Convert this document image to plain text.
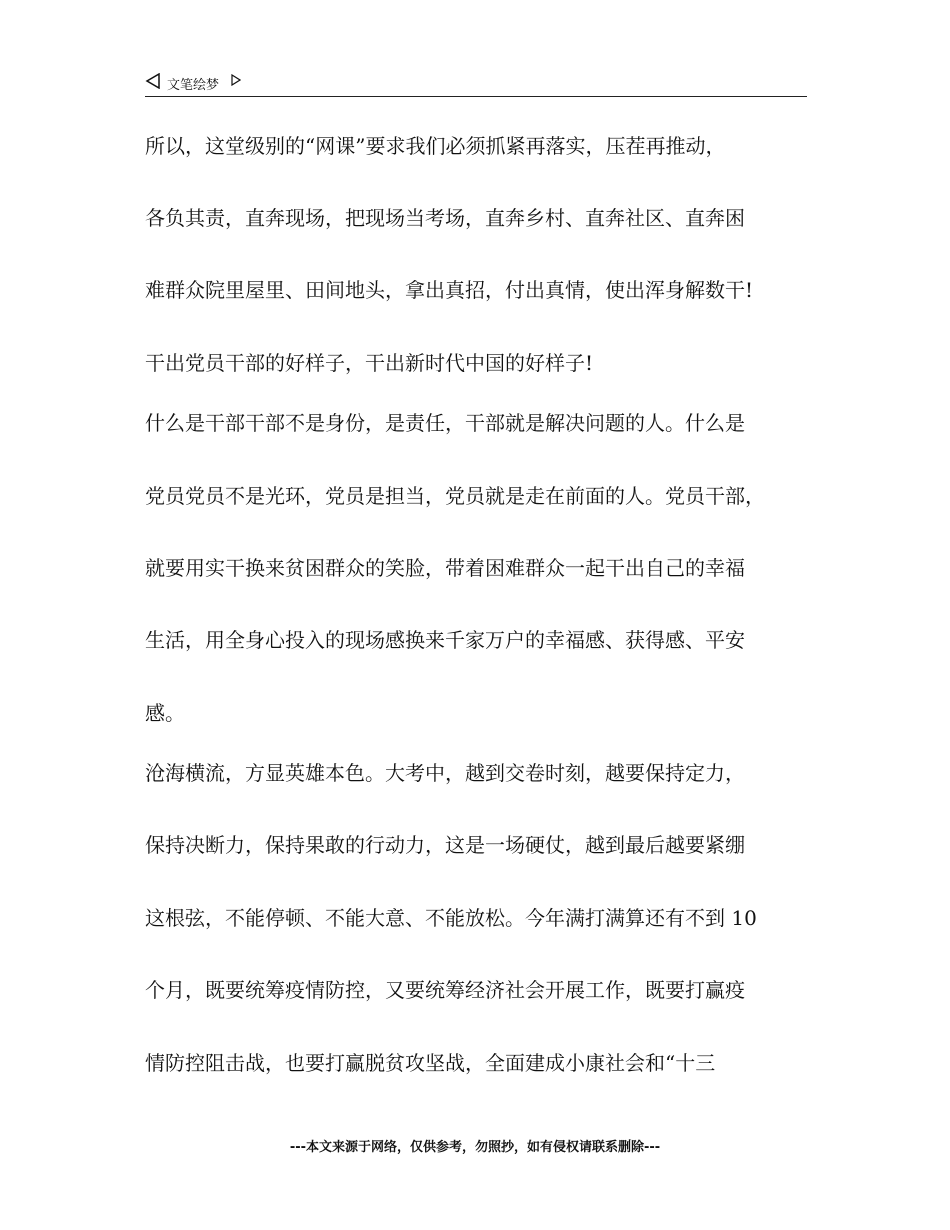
文笔绘梦
所以，这堂级别的“网课”要求我们必须抓紧再落实，压茬再推动，
各负其责，直奔现场，把现场当考场，直奔乡村、直奔社区、直奔困
难群众院里屋里、田间地头，拿出真招，付出真情，使出浑身解数干!
干出党员干部的好样子，干出新时代中国的好样子!
什么是干部干部不是身份，是责任，干部就是解决问题的人。什么是
党员党员不是光环，党员是担当，党员就是走在前面的人。党员干部，
就要用实干换来贫困群众的笑脸，带着困难群众一起干出自己的幸福
生活，用全身心投入的现场感换来千家万户的幸福感、获得感、平安
感。
沧海横流，方显英雄本色。大考中，越到交卷时刻，越要保持定力，
保持决断力，保持果敢的行动力，这是一场硬仗，越到最后越要紧绷
这根弦，不能停顿、不能大意、不能放松。今年满打满算还有不到 10
个月，既要统筹疫情防控，又要统筹经济社会开展工作，既要打赢疫
情防控阻击战，也要打赢脱贫攻坚战，全面建成小康社会和“十三
---本文来源于网络，仅供参考，勿照抄，如有侵权请联系删除---
